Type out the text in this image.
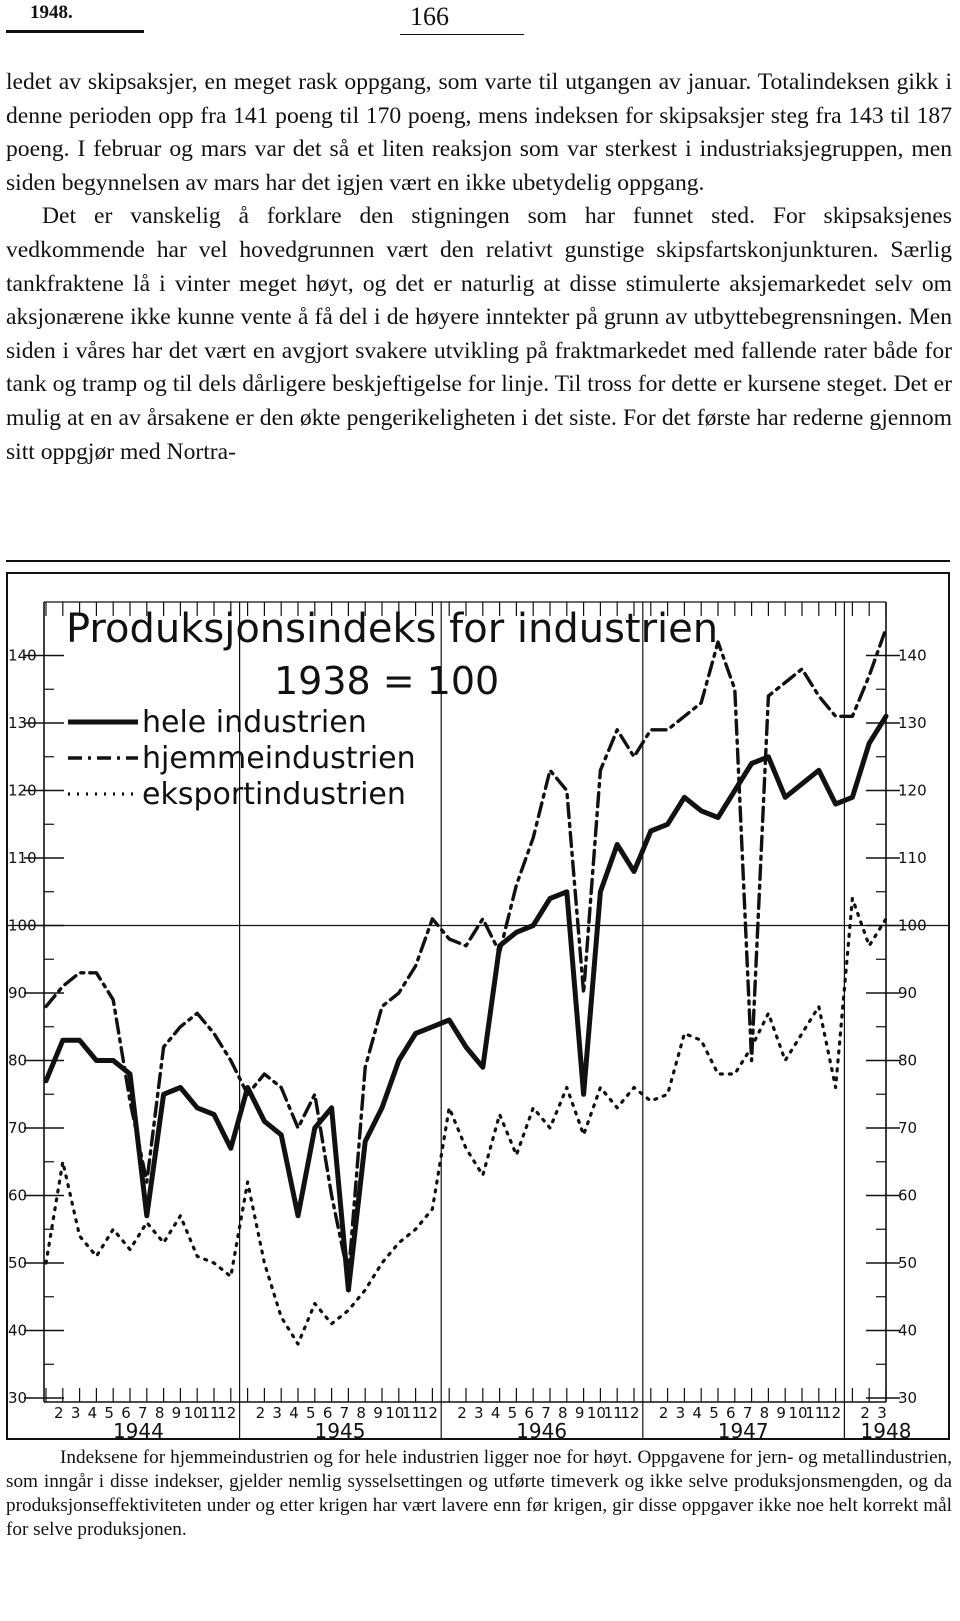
1948.	166

ledet av skipsaksjer, en meget rask oppgang, som varte til utgangen av januar. Totalindeksen gikk i denne perioden opp fra 141 poeng til 170 poeng, mens indeksen for skipsaksjer steg fra 143 til 187 poeng. I februar og mars var det så et liten reaksjon som var sterkest i industriaksjegruppen, men siden begynnelsen av mars har det igjen vært en ikke ubetydelig oppgang.

Det er vanskelig å forklare den stigningen som har funnet sted. For skipsaksjenes vedkommende har vel hovedgrunnen vært den relativt gunstige skipsfartskonjunkturen. Særlig tankfraktene lå i vinter meget høyt, og det er naturlig at disse stimulerte aksjemarkedet selv om aksjonærene ikke kunne vente å få del i de høyere inntekter på grunn av utbyttebegrensningen. Men siden i våres har det vært en avgjort svakere utvikling på fraktmarkedet med fallende rater både for tank og tramp og til dels dårligere beskjeftigelse for linje. Til tross for dette er kursene steget. Det er mulig at en av årsakene er den økte pengerikeligheten i det siste. For det første har rederne gjennom sitt oppgjør med Nortra-

30	30
40	40
50	50
60	60
70	70
80	80
90	90
100	100
110	110
120	120
130	130
140	140
Produksjonsindeks for industrien
1938 = 100
hele industrien
hjemmeindustrien
eksportindustrien
2 3 4 5 6 7 8 9 10
11
12 2 3 4 5 6 7 8 9 10
11
12 2 3 4 5 6 7 8 9 10
11
12 2 3 4 5 6 7 8 9 10
11
12 2 3
1944	1945	1946	1947	1948

Indeksene for hjemmeindustrien og for hele industrien ligger noe for høyt. Oppgavene for jern- og metallindustrien, som inngår i disse indekser, gjelder nemlig sysselsettingen og utførte timeverk og ikke selve produksjonsmengden, og da produksjonseffektiviteten under og etter krigen har vært lavere enn før krigen, gir disse oppgaver ikke noe helt korrekt mål for selve produksjonen.
